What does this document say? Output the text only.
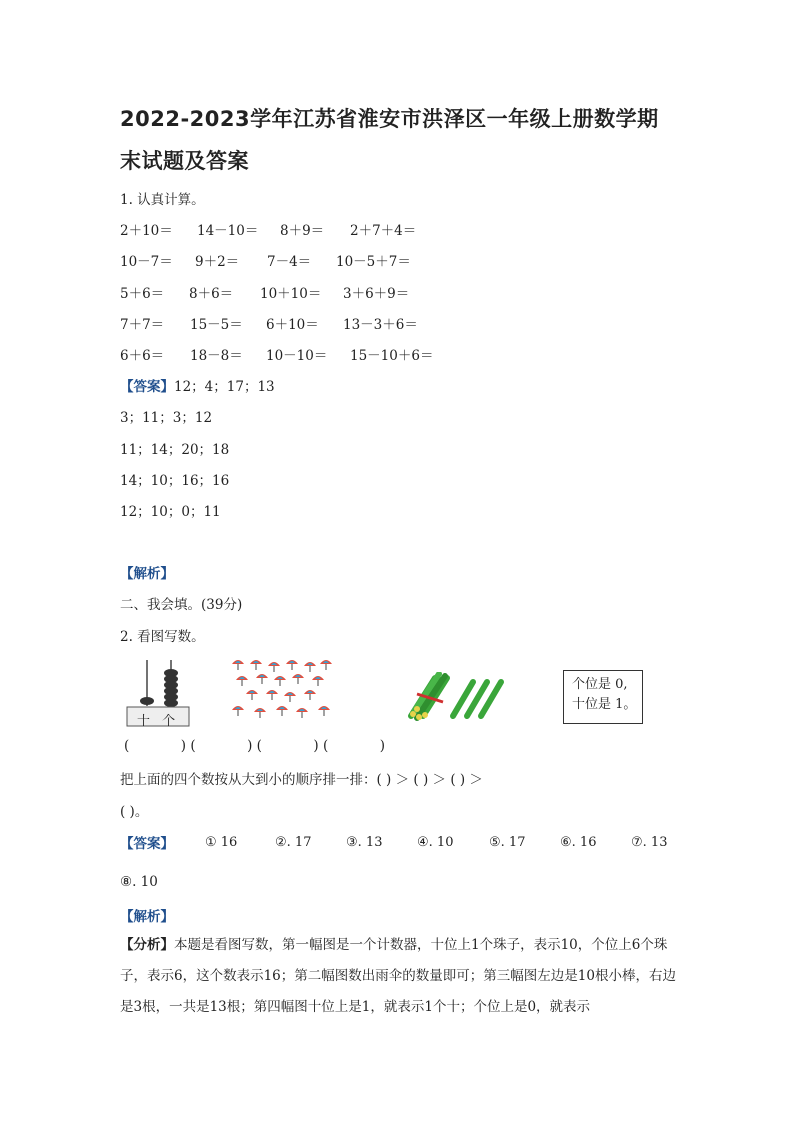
2022-2023学年江苏省淮安市洪泽区一年级上册数学期末试题及答案
1. 认真计算。
2＋10＝ 14－10＝ 8＋9＝ 2＋7＋4＝
10－7＝ 9＋2＝ 7－4＝ 10－5＋7＝
5＋6＝ 8＋6＝ 10＋10＝ 3＋6＋9＝
7＋7＝ 15－5＝ 6＋10＝ 13－3＋6＝
6＋6＝ 18－8＝ 10－10＝ 15－10＋6＝
【答案】12；4；17；13
3；11；3；12
11；14；20；18
14；10；16；16
12；10；0；11
【解析】
二、我会填。(39分)
2. 看图写数。
十 个
个位是 0,
十位是 1。
(            ) (            ) (            ) (            )
把上面的四个数按从大到小的顺序排一排：( ) ＞ ( ) ＞ ( ) ＞
( )。
【答案】 ① 16	②. 17	③. 13	④. 10	⑤. 17	⑥. 16	⑦. 13
⑧. 10
【解析】
【分析】本题是看图写数，第一幅图是一个计数器，十位上1个珠子，表示10，个位上6个珠子，表示6，这个数表示16；第二幅图数出雨伞的数量即可；第三幅图左边是10根小棒，右边是3根，一共是13根；第四幅图十位上是1，就表示1个十；个位上是0，就表示
